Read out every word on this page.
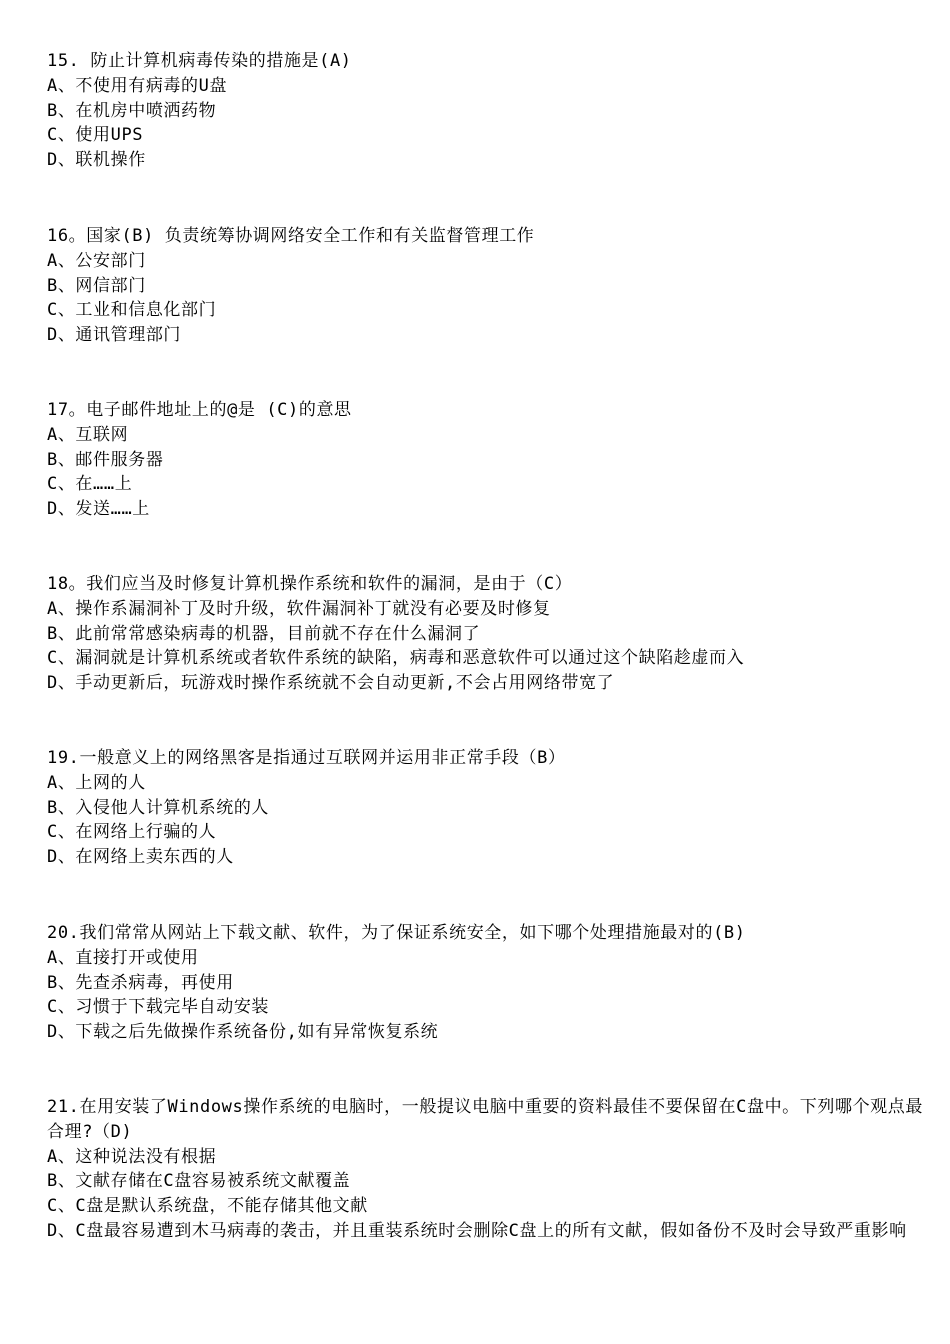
15. 防止计算机病毒传染的措施是(A)
A、不使用有病毒的U盘
B、在机房中喷洒药物
C、使用UPS
D、联机操作
16。国家(B) 负责统筹协调网络安全工作和有关监督管理工作
A、公安部门
B、网信部门
C、工业和信息化部门
D、通讯管理部门
17。电子邮件地址上的@是 (C)的意思
A、互联网
B、邮件服务器
C、在……上
D、发送……上
18。我们应当及时修复计算机操作系统和软件的漏洞，是由于（C）
A、操作系漏洞补丁及时升级，软件漏洞补丁就没有必要及时修复
B、此前常常感染病毒的机器，目前就不存在什么漏洞了
C、漏洞就是计算机系统或者软件系统的缺陷，病毒和恶意软件可以通过这个缺陷趁虚而入
D、手动更新后，玩游戏时操作系统就不会自动更新,不会占用网络带宽了
19.一般意义上的网络黑客是指通过互联网并运用非正常手段（B）
A、上网的人
B、入侵他人计算机系统的人
C、在网络上行骗的人
D、在网络上卖东西的人
20.我们常常从网站上下载文献、软件，为了保证系统安全，如下哪个处理措施最对的(B)
A、直接打开或使用
B、先查杀病毒，再使用
C、习惯于下载完毕自动安装
D、下载之后先做操作系统备份,如有异常恢复系统
21.在用安装了Windows操作系统的电脑时，一般提议电脑中重要的资料最佳不要保留在C盘中。下列哪个观点最合理?（D)
A、这种说法没有根据
B、文献存储在C盘容易被系统文献覆盖
C、C盘是默认系统盘，不能存储其他文献
D、C盘最容易遭到木马病毒的袭击，并且重装系统时会删除C盘上的所有文献，假如备份不及时会导致严重影响
